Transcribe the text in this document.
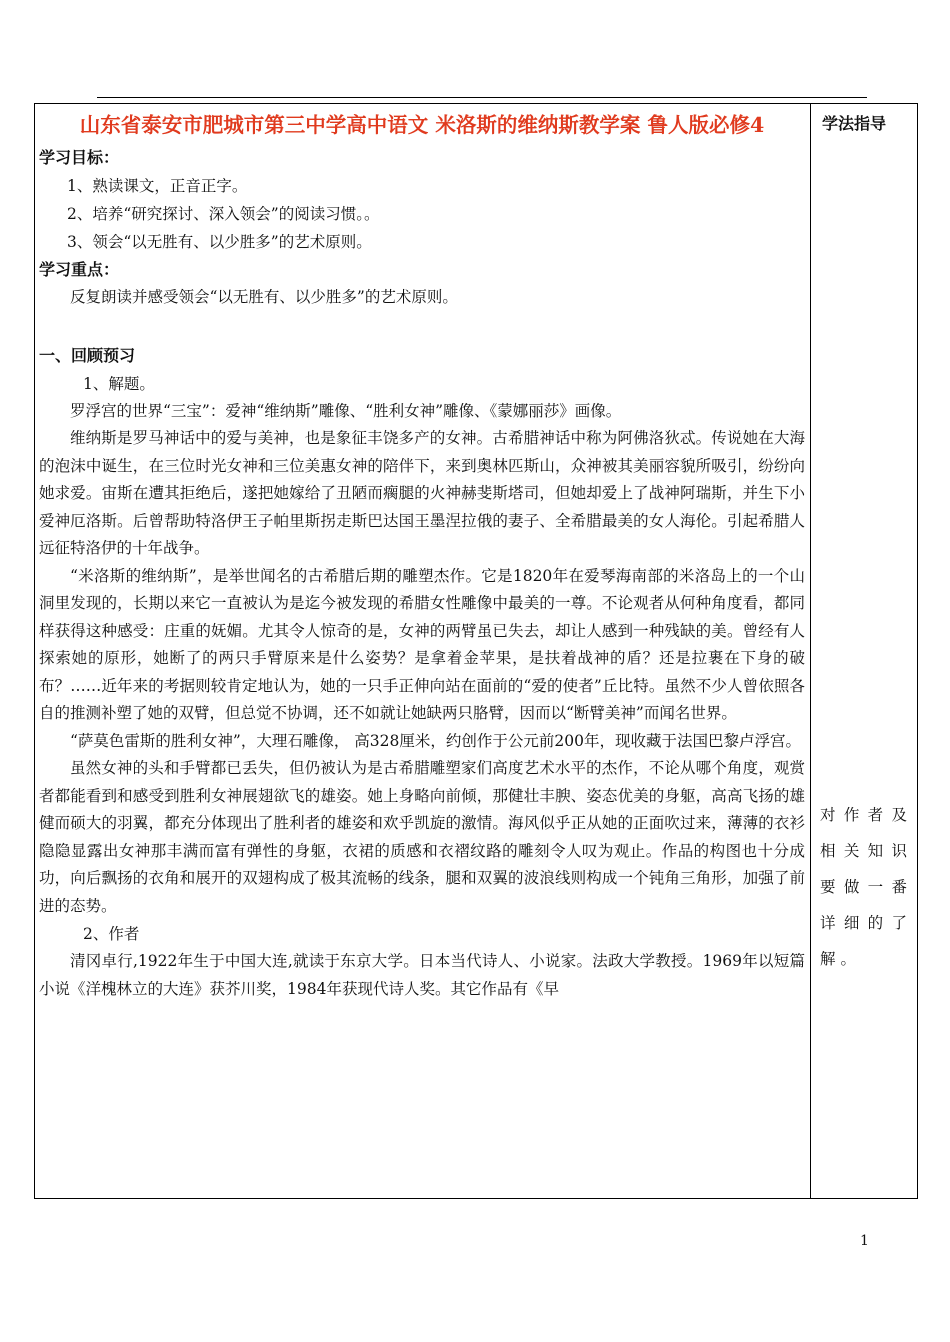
山东省泰安市肥城市第三中学高中语文 米洛斯的维纳斯教学案 鲁人版必修4
学习目标：
1、熟读课文，正音正字。
2、培养“研究探讨、深入领会”的阅读习惯。。
3、领会“以无胜有、以少胜多”的艺术原则。
学习重点：

反复朗读并感受领会“以无胜有、以少胜多”的艺术原则。

一、回顾预习
1、解题。

罗浮宫的世界“三宝”：爱神“维纳斯”雕像、“胜利女神”雕像、《蒙娜丽莎》画像。

维纳斯是罗马神话中的爱与美神，也是象征丰饶多产的女神。古希腊神话中称为阿佛洛狄忒。传说她在大海的泡沫中诞生，在三位时光女神和三位美惠女神的陪伴下，来到奥林匹斯山，众神被其美丽容貌所吸引，纷纷向她求爱。宙斯在遭其拒绝后，遂把她嫁给了丑陋而瘸腿的火神赫斐斯塔司，但她却爱上了战神阿瑞斯，并生下小爱神厄洛斯。后曾帮助特洛伊王子帕里斯拐走斯巴达国王墨涅拉俄的妻子、全希腊最美的女人海伦。引起希腊人远征特洛伊的十年战争。

“米洛斯的维纳斯”，是举世闻名的古希腊后期的雕塑杰作。它是1820年在爱琴海南部的米洛岛上的一个山洞里发现的，长期以来它一直被认为是迄今被发现的希腊女性雕像中最美的一尊。不论观者从何种角度看，都同样获得这种感受：庄重的妩媚。尤其令人惊奇的是，女神的两臂虽已失去，却让人感到一种残缺的美。曾经有人探索她的原形，她断了的两只手臂原来是什么姿势？是拿着金苹果，是扶着战神的盾？还是拉裹在下身的破布？……近年来的考据则较肯定地认为，她的一只手正伸向站在面前的“爱的使者”丘比特。虽然不少人曾依照各自的推测补塑了她的双臂，但总觉不协调，还不如就让她缺两只胳臂，因而以“断臂美神”而闻名世界。

“萨莫色雷斯的胜利女神”，大理石雕像， 高328厘米，约创作于公元前200年，现收藏于法国巴黎卢浮宫。

虽然女神的头和手臂都已丢失，但仍被认为是古希腊雕塑家们高度艺术水平的杰作，不论从哪个角度，观赏者都能看到和感受到胜利女神展翅欲飞的雄姿。她上身略向前倾，那健壮丰腴、姿态优美的身躯，高高飞扬的雄健而硕大的羽翼，都充分体现出了胜利者的雄姿和欢乎凯旋的激情。海风似乎正从她的正面吹过来，薄薄的衣衫隐隐显露出女神那丰满而富有弹性的身躯，衣裙的质感和衣褶纹路的雕刻令人叹为观止。作品的构图也十分成功，向后飘扬的衣角和展开的双翅构成了极其流畅的线条，腿和双翼的波浪线则构成一个钝角三角形，加强了前进的态势。

2、作者

清冈卓行,1922年生于中国大连,就读于东京大学。日本当代诗人、小说家。法政大学教授。1969年以短篇小说《洋槐林立的大连》获芥川奖，1984年获现代诗人奖。其它作品有《早

学法指导
对作者及相关知识要做一番详细的了解。
1
